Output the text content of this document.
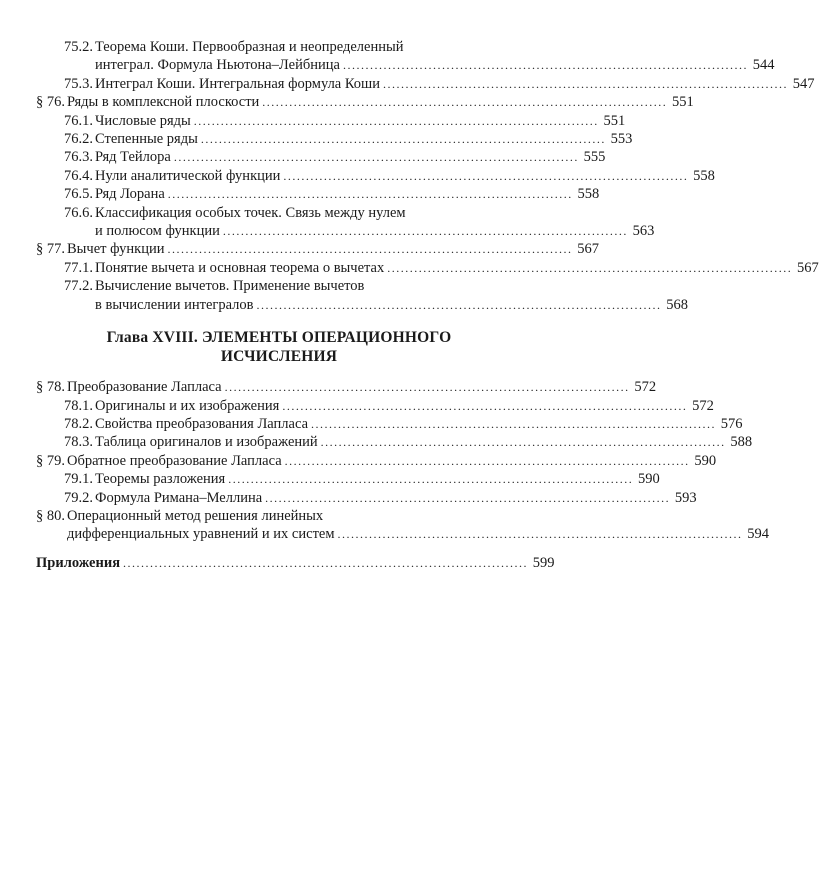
75.2. Теорема Коши. Первообразная и неопределенный
интеграл. Формула Ньютона–Лейбница . . .	544
75.3. Интеграл Коши. Интегральная формула Коши . . .	547
§ 76. Ряды в комплексной плоскости . . .	551
76.1. Числовые ряды . . .	551
76.2. Степенные ряды . . .	553
76.3. Ряд Тейлора . . .	555
76.4. Нули аналитической функции . . .	558
76.5. Ряд Лорана . . .	558
76.6. Классификация особых точек. Связь между нулем
и полюсом функции . . .	563
§ 77. Вычет функции . . .	567
77.1. Понятие вычета и основная теорема о вычетах . . .	567
77.2. Вычисление вычетов. Применение вычетов
в вычислении интегралов . . .	568
Глава XVIII. ЭЛЕМЕНТЫ ОПЕРАЦИОННОГО
ИСЧИСЛЕНИЯ
§ 78. Преобразование Лапласа . . .	572
78.1. Оригиналы и их изображения . . .	572
78.2. Свойства преобразования Лапласа . . .	576
78.3. Таблица оригиналов и изображений . . .	588
§ 79. Обратное преобразование Лапласа . . .	590
79.1. Теоремы разложения . . .	590
79.2. Формула Римана–Меллина . . .	593
§ 80. Операционный метод решения линейных
дифференциальных уравнений и их систем . . .	594
Приложения . . .	599
